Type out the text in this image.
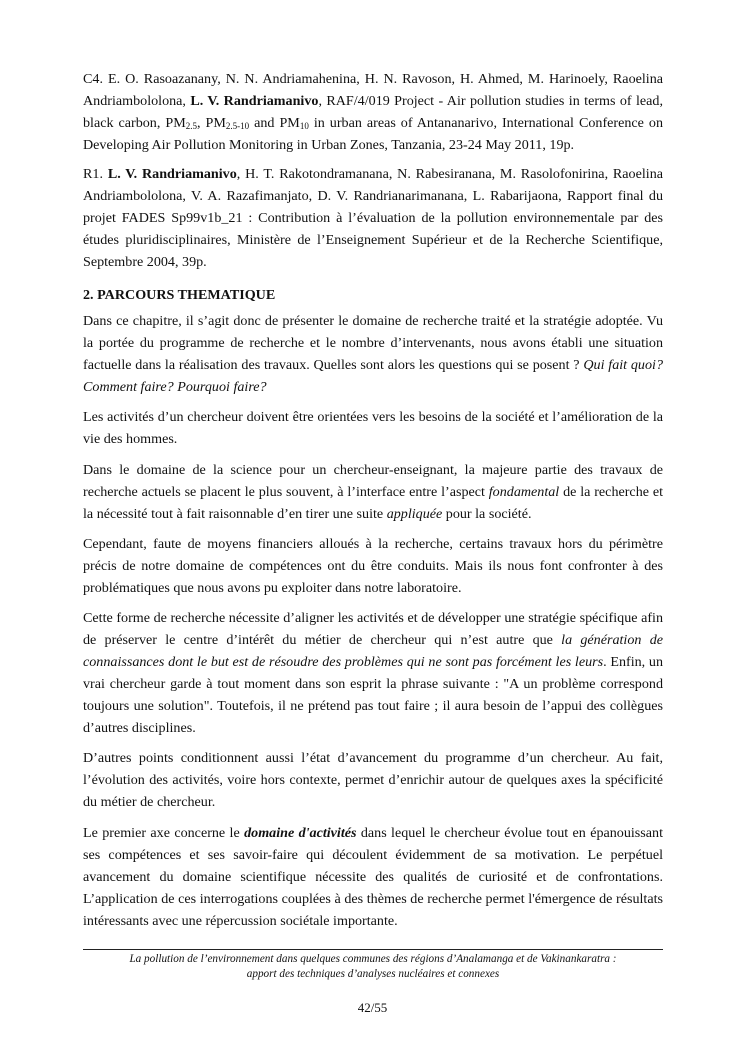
C4. E. O. Rasoazanany, N. N. Andriamahenina, H. N. Ravoson, H. Ahmed, M. Harinoely, Raoelina Andriambololona, L. V. Randriamanivo, RAF/4/019 Project - Air pollution studies in terms of lead, black carbon, $PM_{2.5}$, $PM_{2.5-10}$ and $PM_{10}$ in urban areas of Antananarivo, International Conference on Developing Air Pollution Monitoring in Urban Zones, Tanzania, 23-24 May 2011, 19p.

R1. L. V. Randriamanivo, H. T. Rakotondramanana, N. Rabesiranana, M. Rasolofonirina, Raoelina Andriambololona, V. A. Razafimanjato, D. V. Randrianarimanana, L. Rabarijaona, Rapport final du projet FADES Sp99v1b_21 : Contribution à l’évaluation de la pollution environnementale par des études pluridisciplinaires, Ministère de l’Enseignement Supérieur et de la Recherche Scientifique, Septembre 2004, 39p.

2. PARCOURS THEMATIQUE

Dans ce chapitre, il s’agit donc de présenter le domaine de recherche traité et la stratégie adoptée. Vu la portée du programme de recherche et le nombre d’intervenants, nous avons établi une situation factuelle dans la réalisation des travaux. Quelles sont alors les questions qui se posent ? Qui fait quoi? Comment faire? Pourquoi faire?

Les activités d’un chercheur doivent être orientées vers les besoins de la société et l’amélioration de la vie des hommes.

Dans le domaine de la science pour un chercheur-enseignant, la majeure partie des travaux de recherche actuels se placent le plus souvent, à l’interface entre l’aspect fondamental de la recherche et la nécessité tout à fait raisonnable d’en tirer une suite appliquée pour la société.

Cependant, faute de moyens financiers alloués à la recherche, certains travaux hors du périmètre précis de notre domaine de compétences ont du être conduits. Mais ils nous font confronter à des problématiques que nous avons pu exploiter dans notre laboratoire.

Cette forme de recherche nécessite d’aligner les activités et de développer une stratégie spécifique afin de préserver le centre d’intérêt du métier de chercheur qui n’est autre que la génération de connaissances dont le but est de résoudre des problèmes qui ne sont pas forcément les leurs. Enfin, un vrai chercheur garde à tout moment dans son esprit la phrase suivante : "A un problème correspond toujours une solution". Toutefois, il ne prétend pas tout faire ; il aura besoin de l’appui des collègues d’autres disciplines.

D’autres points conditionnent aussi l’état d’avancement du programme d’un chercheur. Au fait, l’évolution des activités, voire hors contexte, permet d’enrichir autour de quelques axes la spécificité du métier de chercheur.

Le premier axe concerne le domaine d'activités dans lequel le chercheur évolue tout en épanouissant ses compétences et ses savoir-faire qui découlent évidemment de sa motivation. Le perpétuel avancement du domaine scientifique nécessite des qualités de curiosité et de confrontations. L’application de ces interrogations couplées à des thèmes de recherche permet l'émergence de résultats intéressants avec une répercussion sociétale importante.

La pollution de l’environnement dans quelques communes des régions d’Analamanga et de Vakinankaratra :
apport des techniques d’analyses nucléaires et connexes
42/55
